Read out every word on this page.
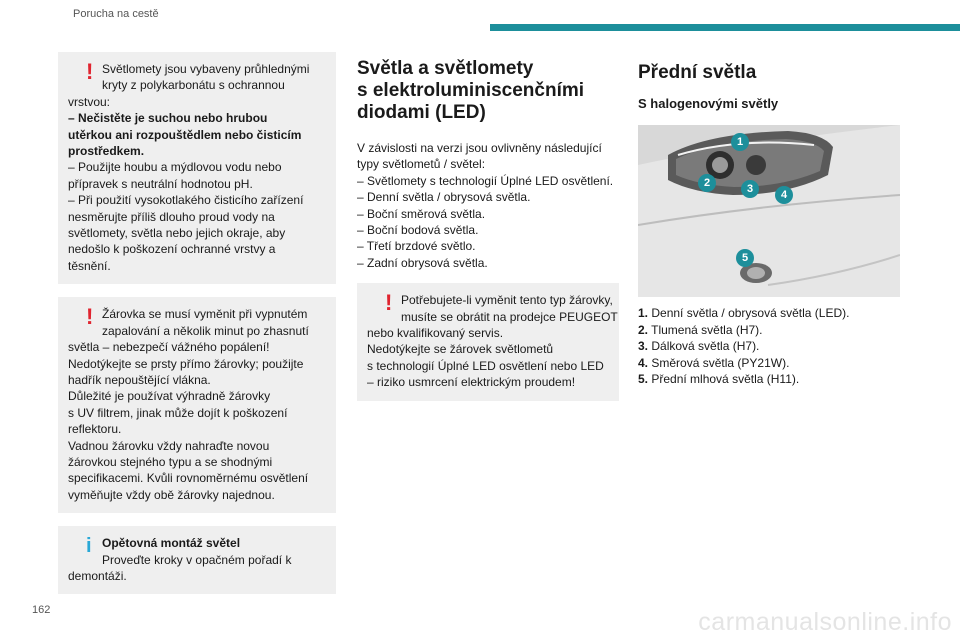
Porucha na cestě
! Světlomety jsou vybaveny průhlednými
kryty z polykarbonátu s ochrannou
vrstvou:
– Nečistěte je suchou nebo hrubou
utěrkou ani rozpouštědlem nebo čisticím
prostředkem.
– Použijte houbu a mýdlovou vodu nebo
přípravek s neutrální hodnotou pH.
– Při použití vysokotlakého čisticího zařízení
nesměrujte příliš dlouho proud vody na
světlomety, světla nebo jejich okraje, aby
nedošlo k poškození ochranné vrstvy a
těsnění.
! Žárovka se musí vyměnit při vypnutém
zapalování a několik minut po zhasnutí
světla – nebezpečí vážného popálení!
Nedotýkejte se prsty přímo žárovky; použijte
hadřík nepouštějící vlákna.
Důležité je používat výhradně žárovky
s UV filtrem, jinak může dojít k poškození
reflektoru.
Vadnou žárovku vždy nahraďte novou
žárovkou stejného typu a se shodnými
specifikacemi. Kvůli rovnoměrnému osvětlení
vyměňujte vždy obě žárovky najednou.
i Opětovná montáž světel
Proveďte kroky v opačném pořadí k
demontáži.
Světla a světlomety
s elektroluminiscenčními
diodami (LED)
V závislosti na verzi jsou ovlivněny následující
typy světlometů / světel:
– Světlomety s technologií Úplné LED osvětlení.
– Denní světla / obrysová světla.
– Boční směrová světla.
– Boční bodová světla.
– Třetí brzdové světlo.
– Zadní obrysová světla.
! Potřebujete-li vyměnit tento typ žárovky,
musíte se obrátit na prodejce PEUGEOT
nebo kvalifikovaný servis.
Nedotýkejte se žárovek světlometů
s technologií Úplné LED osvětlení nebo LED
– riziko usmrcení elektrickým proudem!
Přední světla
S halogenovými světly
1
2	3	4
5
1. Denní světla / obrysová světla (LED).
2. Tlumená světla (H7).
3. Dálková světla (H7).
4. Směrová světla (PY21W).
5. Přední mlhová světla (H11).
162	carmanualsonline.info
